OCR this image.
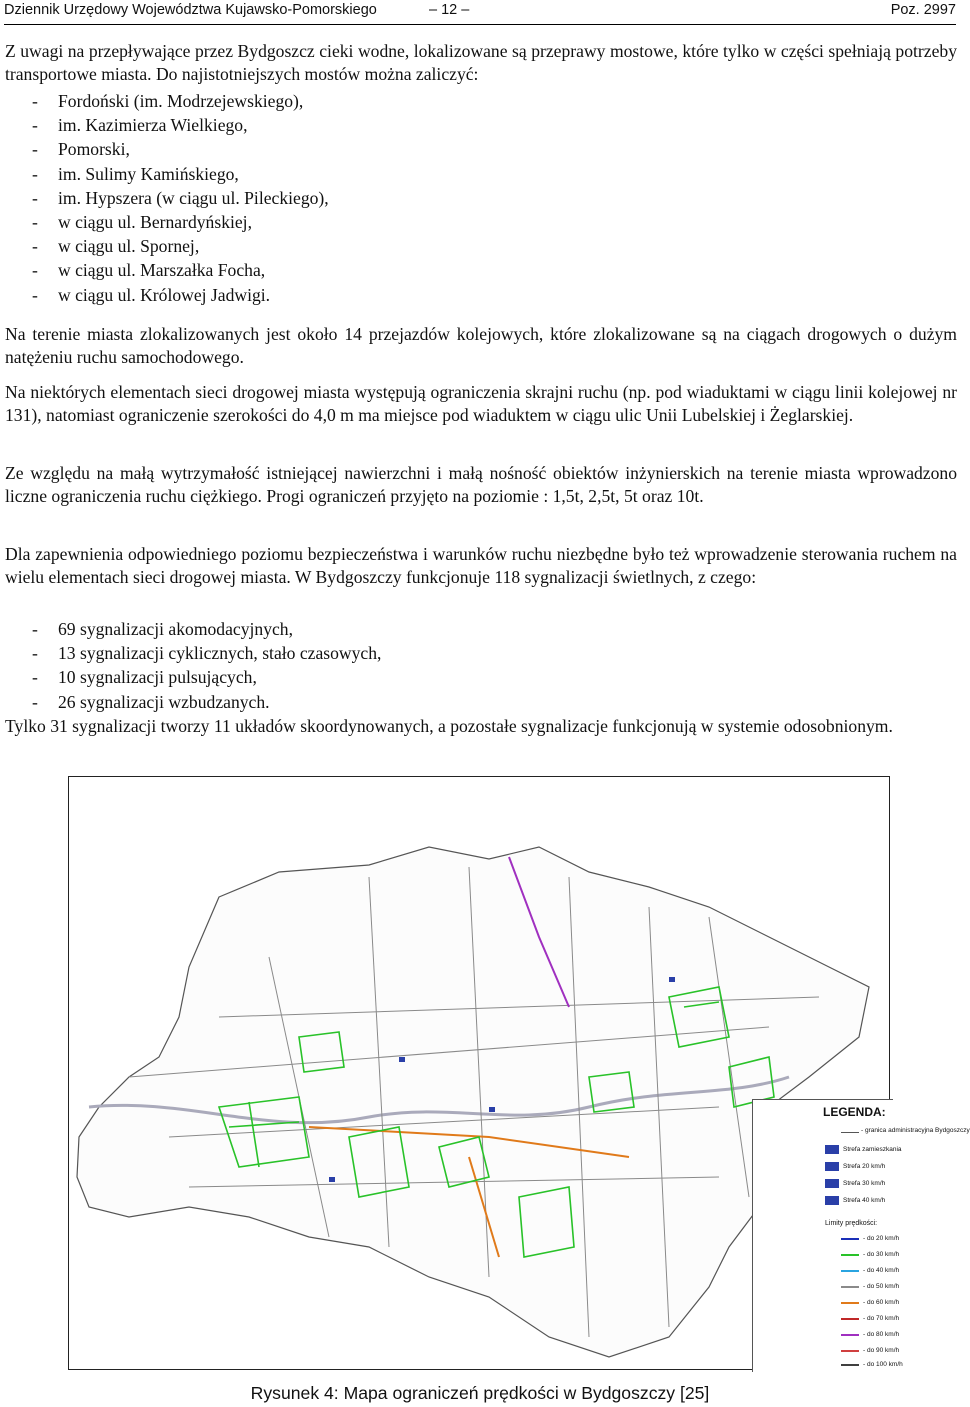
Dziennik Urzędowy Województwa Kujawsko-Pomorskiego	– 12 –	Poz. 2997

Z uwagi na przepływające przez Bydgoszcz cieki wodne, lokalizowane są przeprawy mostowe, które tylko w części spełniają potrzeby transportowe miasta. Do najistotniejszych mostów można zaliczyć:

- Fordoński (im. Modrzejewskiego),
- im. Kazimierza Wielkiego,
- Pomorski,
- im. Sulimy Kamińskiego,
- im. Hypszera (w ciągu ul. Pileckiego),
- w ciągu ul. Bernardyńskiej,
- w ciągu ul. Spornej,
- w ciągu ul. Marszałka Focha,
- w ciągu ul. Królowej Jadwigi.

Na terenie miasta zlokalizowanych jest około 14 przejazdów kolejowych, które zlokalizowane są na ciągach drogowych o dużym natężeniu ruchu samochodowego.

Na niektórych elementach sieci drogowej miasta występują ograniczenia skrajni ruchu (np. pod wiaduktami w ciągu linii kolejowej nr 131), natomiast ograniczenie szerokości do 4,0 m ma miejsce pod wiaduktem w ciągu ulic Unii Lubelskiej i Żeglarskiej.

Ze względu na małą wytrzymałość istniejącej nawierzchni i małą nośność obiektów inżynierskich na terenie miasta wprowadzono liczne ograniczenia ruchu ciężkiego. Progi ograniczeń przyjęto na poziomie : 1,5t, 2,5t, 5t oraz 10t.

Dla zapewnienia odpowiedniego poziomu bezpieczeństwa i warunków ruchu niezbędne było też wprowadzenie sterowania ruchem na wielu elementach sieci drogowej miasta. W Bydgoszczy funkcjonuje 118 sygnalizacji świetlnych, z czego:

- 69 sygnalizacji akomodacyjnych,
- 13 sygnalizacji cyklicznych, stało czasowych,
- 10 sygnalizacji pulsujących,
- 26 sygnalizacji wzbudzanych.

Tylko 31 sygnalizacji tworzy 11 układów skoordynowanych, a pozostałe sygnalizacje funkcjonują w systemie odosobnionym.

LEGENDA:
- granica administracyjna Bydgoszczy
Strefa zamieszkania
Strefa 20 km/h
Strefa 30 km/h
Strefa 40 km/h
Limity prędkości:
- do 20 km/h
- do 30 km/h
- do 40 km/h
- do 50 km/h
- do 60 km/h
- do 70 km/h
- do 80 km/h
- do 90 km/h
- do 100 km/h
Rysunek 4: Mapa ograniczeń prędkości w Bydgoszczy [25]
